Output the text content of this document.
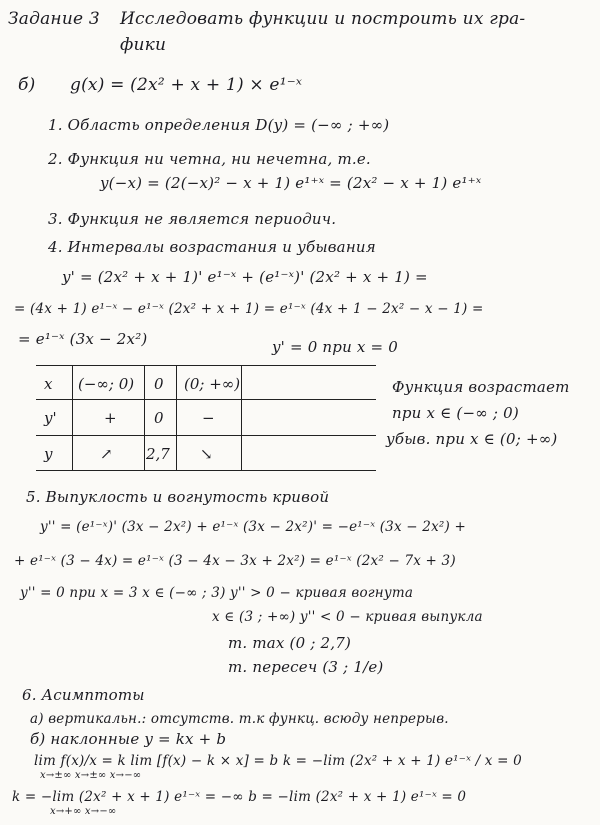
Задание 3 Исследовать функции и построить их гра-
фики
б) g(x) = (2x² + x + 1) × e¹⁻ˣ
1. Область определения D(y) = (−∞ ; +∞)
2. Функция ни четна, ни нечетна, т.е.
y(−x) = (2(−x)² − x + 1) e¹⁺ˣ = (2x² − x + 1) e¹⁺ˣ
3. Функция не является периодич.
4. Интервалы возрастания и убывания
y' = (2x² + x + 1)' e¹⁻ˣ + (e¹⁻ˣ)' (2x² + x + 1) =
= (4x + 1) e¹⁻ˣ − e¹⁻ˣ (2x² + x + 1) = e¹⁻ˣ (4x + 1 − 2x² − x − 1) =
= e¹⁻ˣ (3x − 2x²)	y' = 0 при x = 0
x (−∞; 0) 0 (0; +∞)
y'	+ 0	−
y	↗ 2,7 ↘
Функция возрастает
при x ∈ (−∞ ; 0)
убыв. при x ∈ (0; +∞)
5. Выпуклость и вогнутость кривой
y'' = (e¹⁻ˣ)' (3x − 2x²) + e¹⁻ˣ (3x − 2x²)' = −e¹⁻ˣ (3x − 2x²) +
+ e¹⁻ˣ (3 − 4x) = e¹⁻ˣ (3 − 4x − 3x + 2x²) = e¹⁻ˣ (2x² − 7x + 3)
y'' = 0 при x = 3 x ∈ (−∞ ; 3) y'' > 0 − кривая вогнута
x ∈ (3 ; +∞) y'' < 0 − кривая выпукла
т. max (0 ; 2,7)
т. пересеч (3 ; 1/e)
6. Асимптоты
а) вертикальн.: отсутств. т.к функц. всюду непрерыв.
б) наклонные y = kx + b
lim f(x)/x = k lim [f(x) − k × x] = b k = −lim (2x² + x + 1) e¹⁻ˣ / x = 0
x→±∞ x→±∞ x→−∞
k = −lim (2x² + x + 1) e¹⁻ˣ = −∞ b = −lim (2x² + x + 1) e¹⁻ˣ = 0
x→+∞ x→−∞
